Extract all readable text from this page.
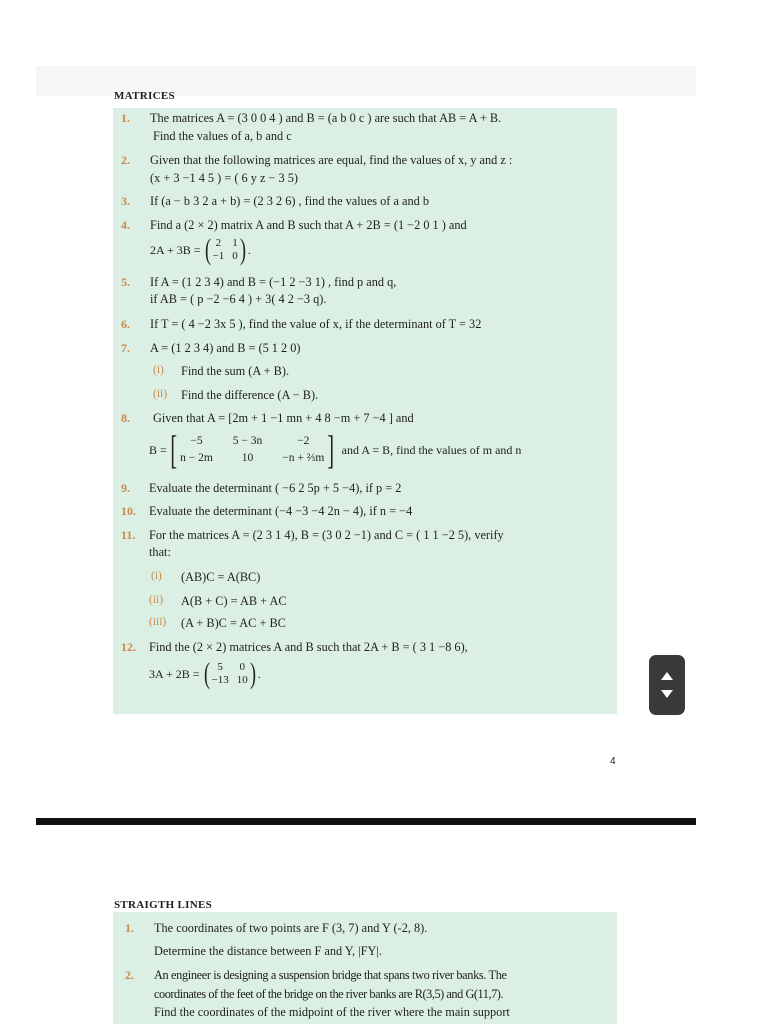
MATRICES
1. The matrices A = (3 0 0 4 ) and B = (a b 0 c ) are such that AB = A + B.
Find the values of a, b and c
2. Given that the following matrices are equal, find the values of x, y and z :
(x + 3 −1 4 5 ) = ( 6 y z − 3 5)
3. If (a − b 3 2 a + b) = (2 3 2 6) , find the values of a and b
4. Find a (2 × 2) matrix A and B such that A + 2B = (1 −2 0 1 ) and
2A + 3B = ( 2 1
−1 0 ) .
5. If A = (1 2 3 4) and B = (−1 2 −3 1) , find p and q,
if AB = ( p −2 −6 4 ) + 3( 4 2 −3 q).
6. If T = ( 4 −2 3x 5 ), find the value of x, if the determinant of T = 32
7. A = (1 2 3 4) and B = (5 1 2 0)
(i) Find the sum (A + B).
(ii) Find the difference (A − B).
8. Given that A = [2m + 1 −1 mn + 4 8 −m + 7 −4 ] and
B = [	−5	5 − 3n	−2
n − 2m	10	−n + ⅔m ] and A = B, find the values of m and n
9. Evaluate the determinant ( −6 2 5p + 5 −4), if p = 2
10. Evaluate the determinant (−4 −3 −4 2n − 4), if n = −4
11. For the matrices A = (2 3 1 4), B = (3 0 2 −1) and C = ( 1 1 −2 5), verify
that:
(i) (AB)C = A(BC)
(ii) A(B + C) = AB + AC
(iii) (A + B)C = AC + BC
12. Find the (2 × 2) matrices A and B such that 2A + B = ( 3 1 −8 6),
3A + 2B = ( 5	0
−13 10 ) .
4
STRAIGTH LINES
1. The coordinates of two points are F (3, 7) and Y (-2, 8).
Determine the distance between F and Y, |FY|.
2. An engineer is designing a suspension bridge that spans two river banks. The
coordinates of the feet of the bridge on the river banks are R(3,5) and G(11,7).
Find the coordinates of the midpoint of the river where the main support
